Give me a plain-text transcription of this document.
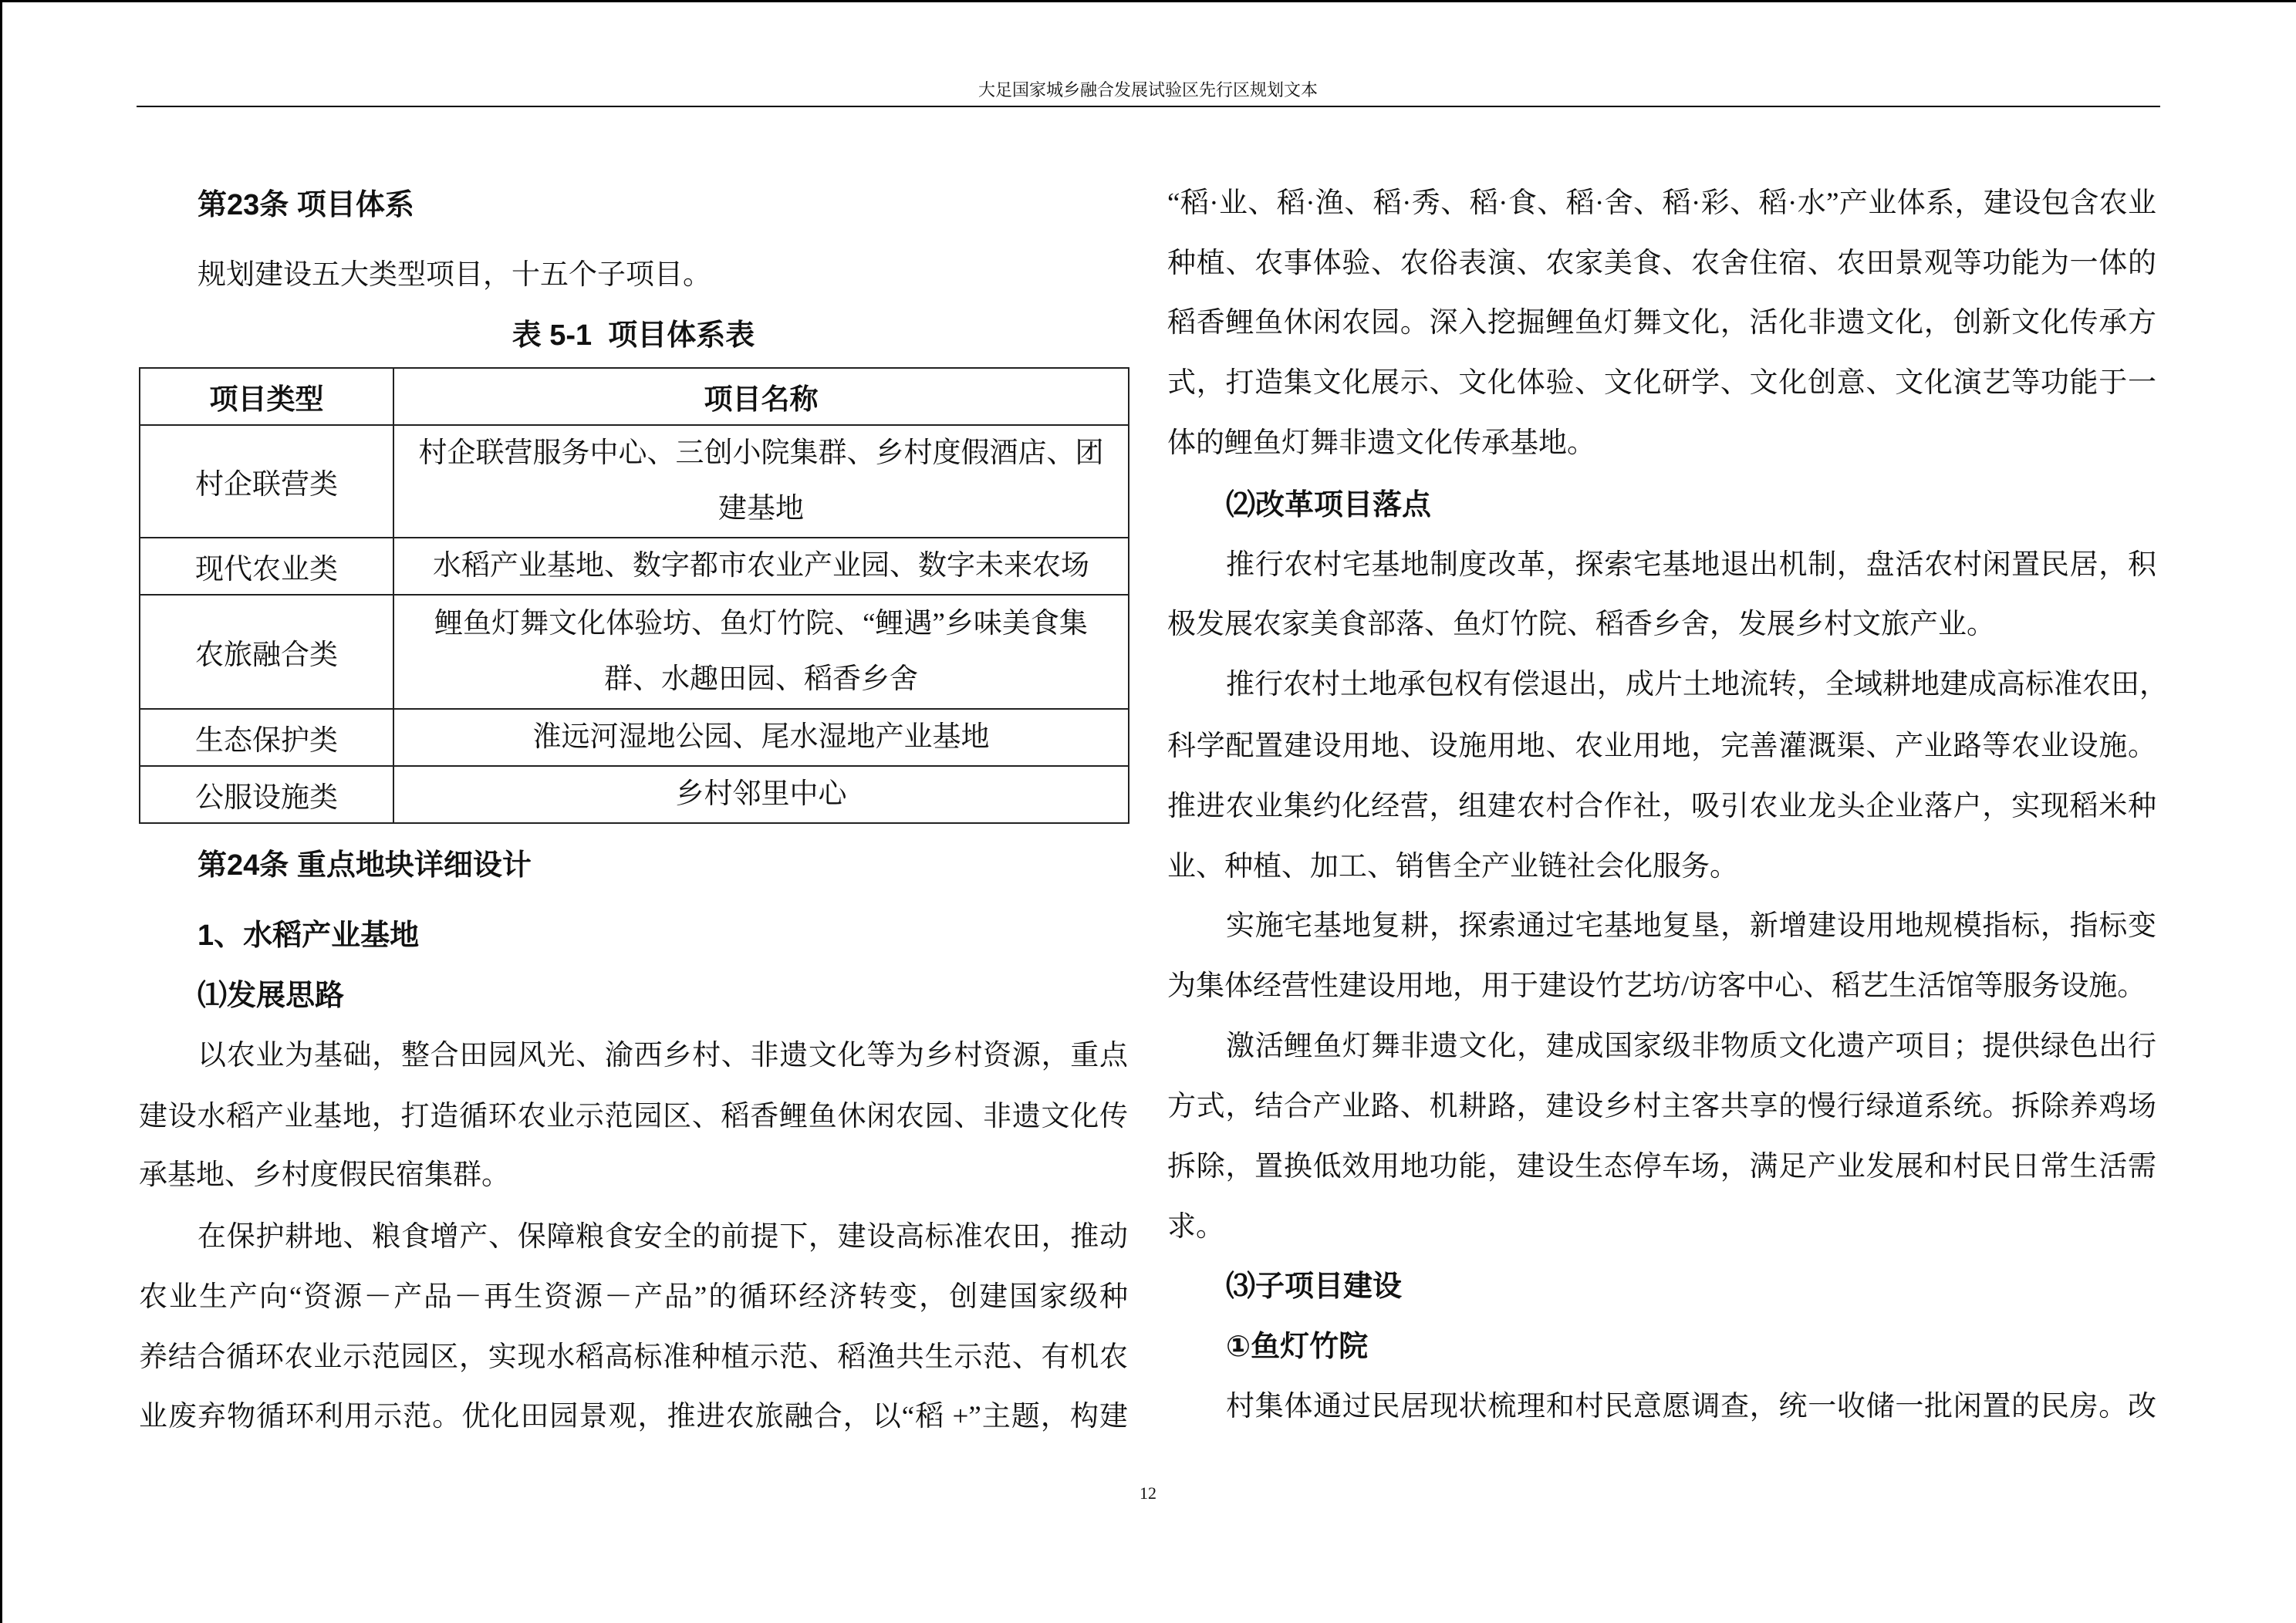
大足国家城乡融合发展试验区先行区规划文本
第23条 项目体系
规划建设五大类型项目，十五个子项目。
表 5-1  项目体系表
项目类型	项目名称
村企联营类	村企联营服务中心、三创小院集群、乡村度假酒店、团
建基地

现代农业类	水稻产业基地、数字都市农业产业园、数字未来农场

农旅融合类	鲤鱼灯舞文化体验坊、鱼灯竹院、“鲤遇”乡味美食集
群、水趣田园、稻香乡舍

生态保护类	淮远河湿地公园、尾水湿地产业基地

公服设施类	乡村邻里中心
第24条 重点地块详细设计
1、水稻产业基地
⑴发展思路
以农业为基础，整合田园风光、渝西乡村、非遗文化等为乡村资源，重点
建设水稻产业基地，打造循环农业示范园区、稻香鲤鱼休闲农园、非遗文化传
承基地、乡村度假民宿集群。
在保护耕地、粮食增产、保障粮食安全的前提下，建设高标准农田，推动
农业生产向“资源－产品－再生资源－产品”的循环经济转变，创建国家级种
养结合循环农业示范园区，实现水稻高标准种植示范、稻渔共生示范、有机农
业废弃物循环利用示范。优化田园景观，推进农旅融合，以“稻 +”主题，构建
“稻·业、稻·渔、稻·秀、稻·食、稻·舍、稻·彩、稻·水”产业体系，建设包含农业
种植、农事体验、农俗表演、农家美食、农舍住宿、农田景观等功能为一体的
稻香鲤鱼休闲农园。深入挖掘鲤鱼灯舞文化，活化非遗文化，创新文化传承方
式，打造集文化展示、文化体验、文化研学、文化创意、文化演艺等功能于一
体的鲤鱼灯舞非遗文化传承基地。
⑵改革项目落点
推行农村宅基地制度改革，探索宅基地退出机制，盘活农村闲置民居，积
极发展农家美食部落、鱼灯竹院、稻香乡舍，发展乡村文旅产业。
推行农村土地承包权有偿退出，成片土地流转，全域耕地建成高标准农田，
科学配置建设用地、设施用地、农业用地，完善灌溉渠、产业路等农业设施。
推进农业集约化经营，组建农村合作社，吸引农业龙头企业落户，实现稻米种
业、种植、加工、销售全产业链社会化服务。
实施宅基地复耕，探索通过宅基地复垦，新增建设用地规模指标，指标变
为集体经营性建设用地，用于建设竹艺坊/访客中心、稻艺生活馆等服务设施。
激活鲤鱼灯舞非遗文化，建成国家级非物质文化遗产项目；提供绿色出行
方式，结合产业路、机耕路，建设乡村主客共享的慢行绿道系统。拆除养鸡场
拆除，置换低效用地功能，建设生态停车场，满足产业发展和村民日常生活需
求。
⑶子项目建设
①鱼灯竹院
村集体通过民居现状梳理和村民意愿调查，统一收储一批闲置的民房。改
12
